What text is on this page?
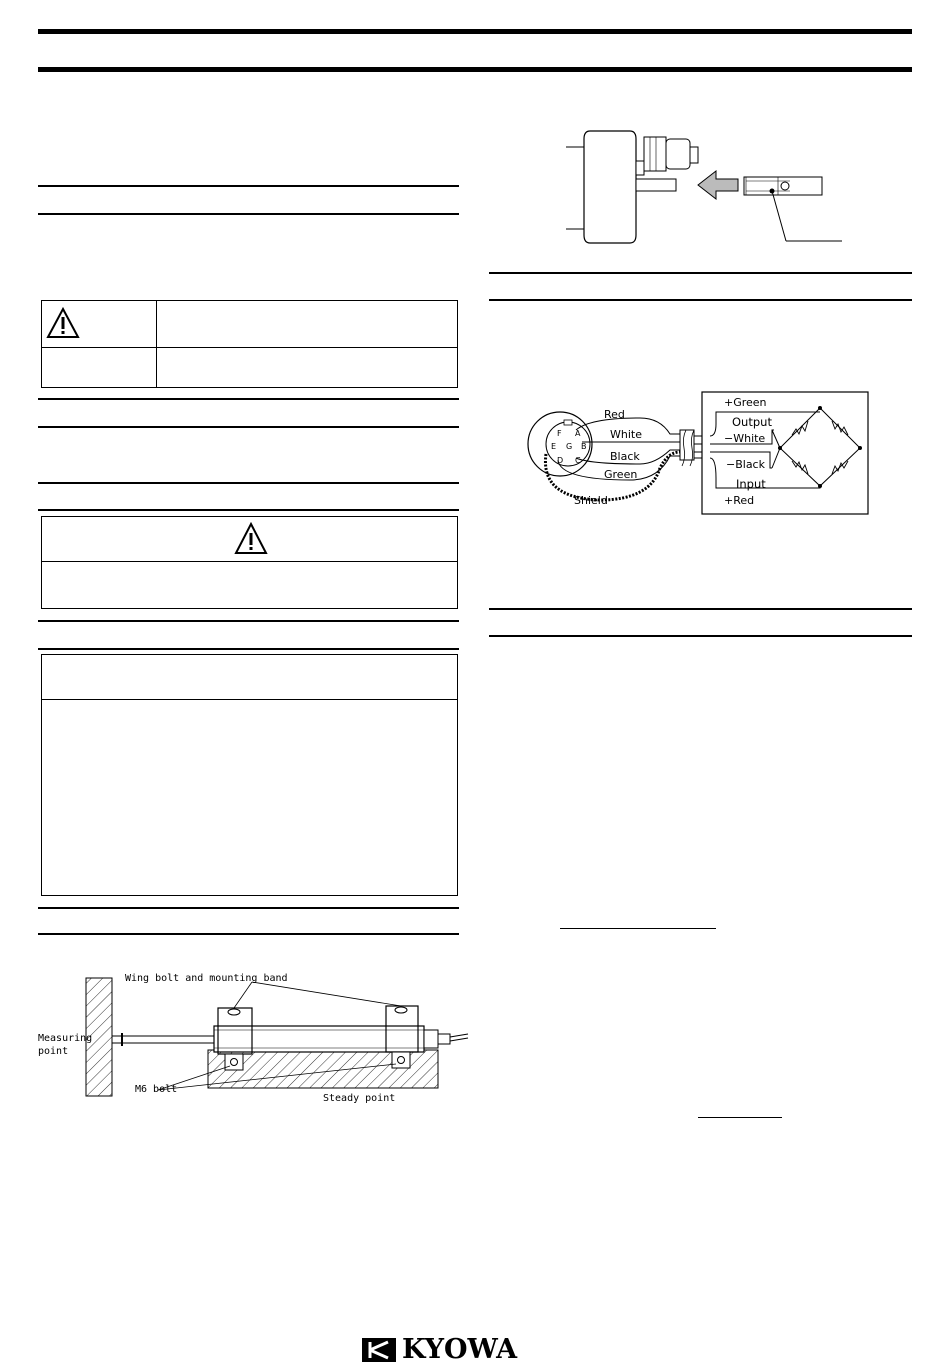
Wing bolt and mounting band
Measuring
point
M6 bolt
Steady point
A
B
C
D
E
F
G
Red
White
Black
Green
Shield
+Green
Output
−White
−Black
Input
+Red
KYOWA
